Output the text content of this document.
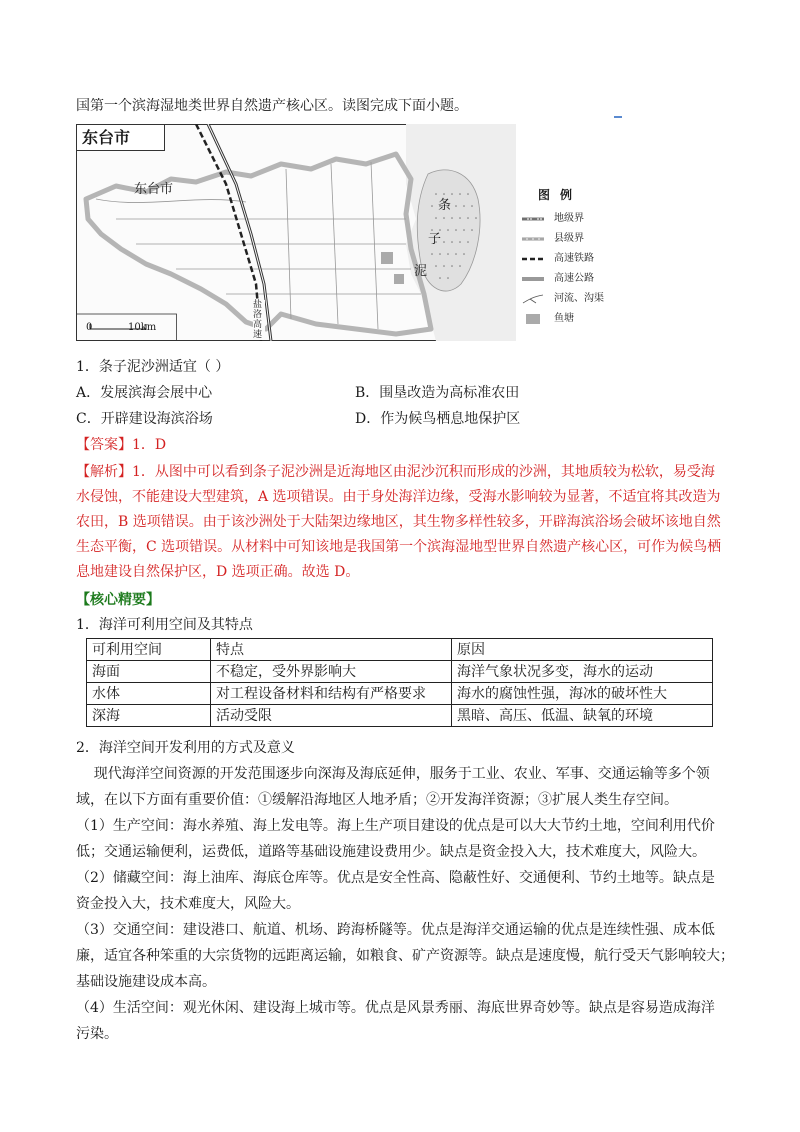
国第一个滨海湿地类世界自然遗产核心区。读图完成下面小题。
东台市
东台市
条
子
泥
盐
洛
高
速
0	10km
图例
地级界
县级界
高速铁路
高速公路
河流、沟渠
鱼塘
1．条子泥沙洲适宜（ ）
A．发展滨海会展中心	B．围垦改造为高标准农田
C．开辟建设海滨浴场	D．作为候鸟栖息地保护区
【答案】1．D
【解析】1．从图中可以看到条子泥沙洲是近海地区由泥沙沉积而形成的沙洲，其地质较为松软，易受海
水侵蚀，不能建设大型建筑，A 选项错误。由于身处海洋边缘，受海水影响较为显著，不适宜将其改造为
农田，B 选项错误。由于该沙洲处于大陆架边缘地区，其生物多样性较多，开辟海滨浴场会破坏该地自然
生态平衡，C 选项错误。从材料中可知该地是我国第一个滨海湿地型世界自然遗产核心区，可作为候鸟栖
息地建设自然保护区，D 选项正确。故选 D。
【核心精要】
1．海洋可利用空间及其特点
可利用空间	特点	原因
海面	不稳定，受外界影响大	海洋气象状况多变，海水的运动
水体	对工程设备材料和结构有严格要求	海水的腐蚀性强，海冰的破坏性大
深海	活动受限	黑暗、高压、低温、缺氧的环境
2．海洋空间开发利用的方式及意义
现代海洋空间资源的开发范围逐步向深海及海底延伸，服务于工业、农业、军事、交通运输等多个领
域，在以下方面有重要价值：①缓解沿海地区人地矛盾；②开发海洋资源；③扩展人类生存空间。
（1）生产空间：海水养殖、海上发电等。海上生产项目建设的优点是可以大大节约土地，空间利用代价
低；交通运输便利，运费低，道路等基础设施建设费用少。缺点是资金投入大，技术难度大，风险大。
（2）储藏空间：海上油库、海底仓库等。优点是安全性高、隐蔽性好、交通便利、节约土地等。缺点是
资金投入大，技术难度大，风险大。
（3）交通空间：建设港口、航道、机场、跨海桥隧等。优点是海洋交通运输的优点是连续性强、成本低
廉，适宜各种笨重的大宗货物的远距离运输，如粮食、矿产资源等。缺点是速度慢，航行受天气影响较大；
基础设施建设成本高。
（4）生活空间：观光休闲、建设海上城市等。优点是风景秀丽、海底世界奇妙等。缺点是容易造成海洋
污染。
